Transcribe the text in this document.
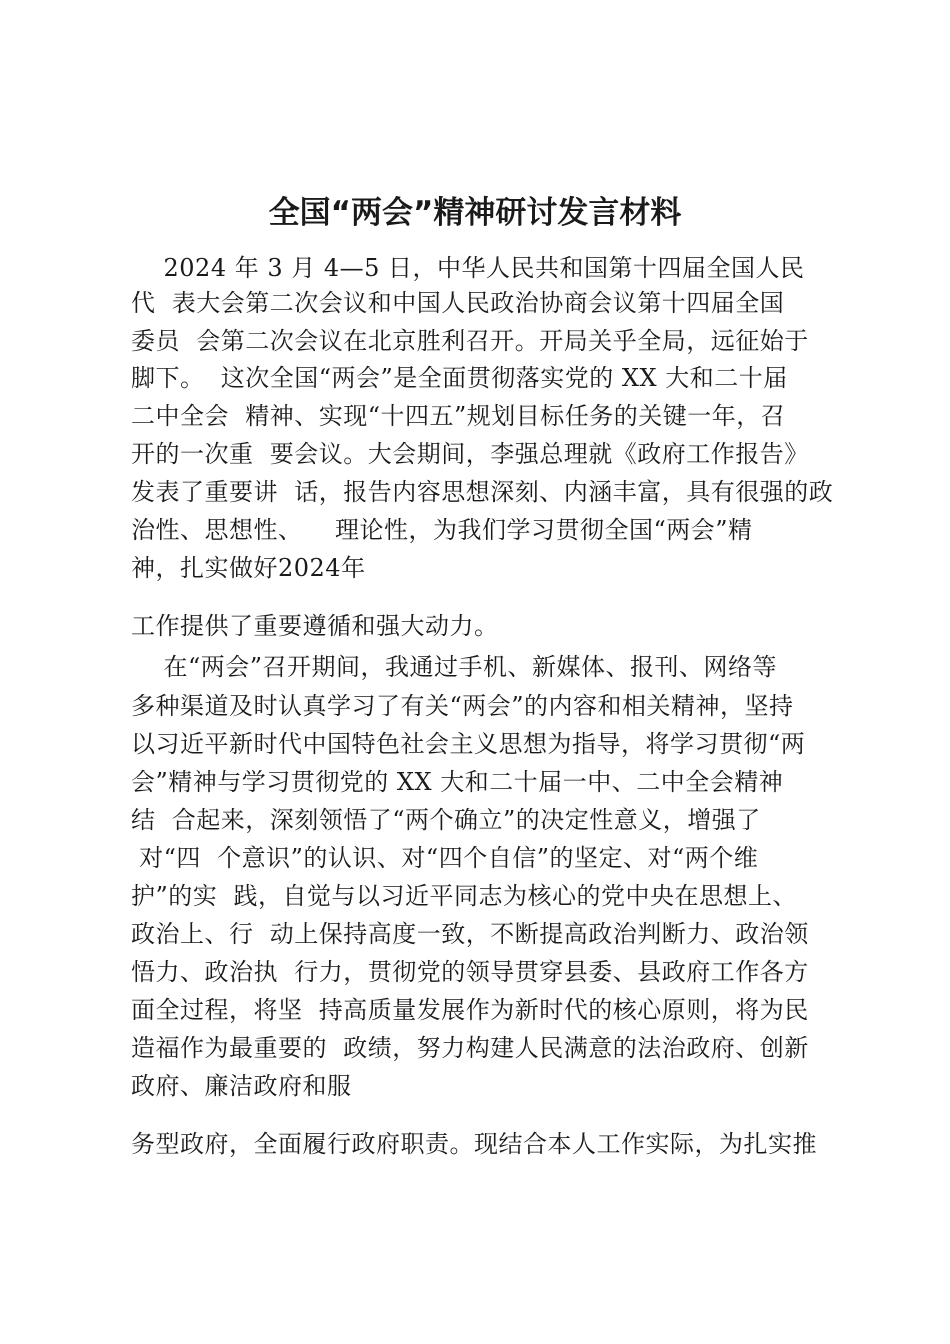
全国“两会”精神研讨发言材料
2024 年 3 月 4—5 日，中华人民共和国第十四届全国人民
代  表大会第二次会议和中国人民政治协商会议第十四届全国
委员  会第二次会议在北京胜利召开。开局关乎全局，远征始于
脚下。  这次全国“两会”是全面贯彻落实党的 XX 大和二十届
二中全会  精神、实现“十四五”规划目标任务的关键一年，召
开的一次重  要会议。大会期间，李强总理就《政府工作报告》
发表了重要讲  话，报告内容思想深刻、内涵丰富，具有很强的政
治性、思想性、    理论性，为我们学习贯彻全国“两会”精
神，扎实做好2024年
工作提供了重要遵循和强大动力。
在“两会”召开期间，我通过手机、新媒体、报刊、网络等
多种渠道及时认真学习了有关“两会”的内容和相关精神，坚持
以习近平新时代中国特色社会主义思想为指导，将学习贯彻“两
会”精神与学习贯彻党的 XX 大和二十届一中、二中全会精神
结  合起来，深刻领悟了“两个确立”的决定性意义，增强了
对“四  个意识”的认识、对“四个自信”的坚定、对“两个维
护”的实  践，自觉与以习近平同志为核心的党中央在思想上、
政治上、行  动上保持高度一致，不断提高政治判断力、政治领
悟力、政治执  行力，贯彻党的领导贯穿县委、县政府工作各方
面全过程，将坚  持高质量发展作为新时代的核心原则，将为民
造福作为最重要的  政绩，努力构建人民满意的法治政府、创新
政府、廉洁政府和服
务型政府，全面履行政府职责。现结合本人工作实际，为扎实推
